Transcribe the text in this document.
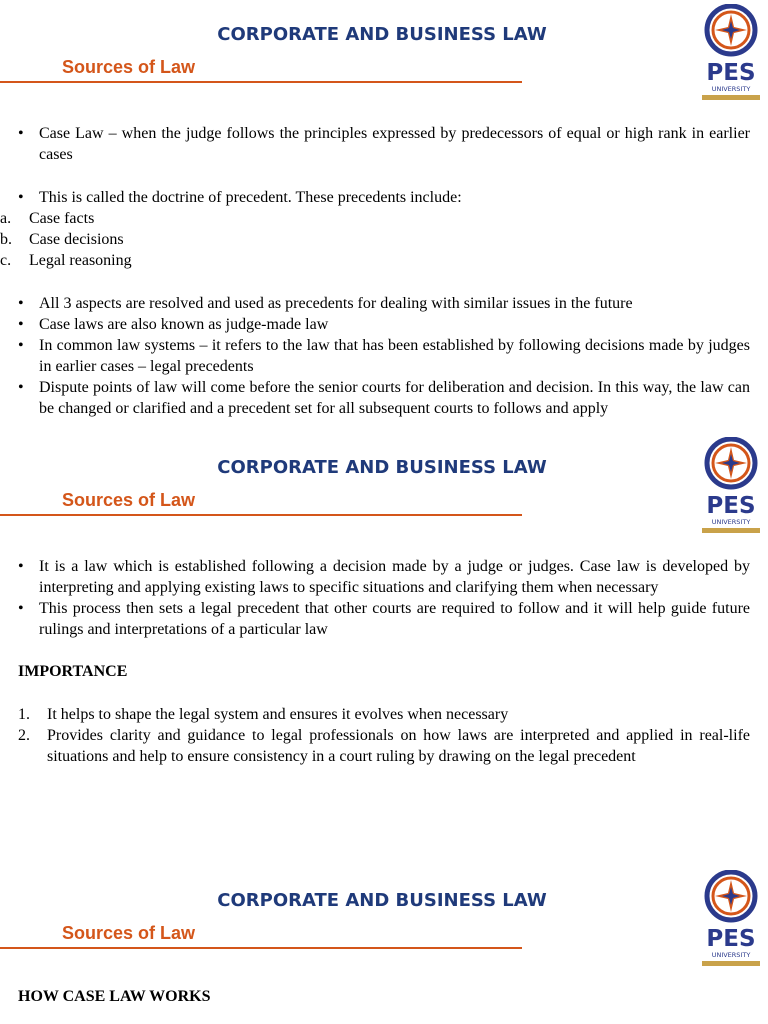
CORPORATE AND BUSINESS LAW
Sources of Law	PES
UNIVERSITY
• Case Law – when the judge follows the principles expressed by predecessors of equal or high rank in earlier cases
• This is called the doctrine of precedent. These precedents include:
a. Case facts
b. Case decisions
c. Legal reasoning
• All 3 aspects are resolved and used as precedents for dealing with similar issues in the future
• Case laws are also known as judge-made law
• In common law systems – it refers to the law that has been established by following decisions made by judges in earlier cases – legal precedents
• Dispute points of law will come before the senior courts for deliberation and decision. In this way, the law can be changed or clarified and a precedent set for all subsequent courts to follows and apply
CORPORATE AND BUSINESS LAW
Sources of Law	PES
UNIVERSITY
• It is a law which is established following a decision made by a judge or judges. Case law is developed by interpreting and applying existing laws to specific situations and clarifying them when necessary
• This process then sets a legal precedent that other courts are required to follow and it will help guide future rulings and interpretations of a particular law
IMPORTANCE
1. It helps to shape the legal system and ensures it evolves when necessary
2. Provides clarity and guidance to legal professionals on how laws are interpreted and applied in real-life situations and help to ensure consistency in a court ruling by drawing on the legal precedent
CORPORATE AND BUSINESS LAW
Sources of Law	PES
UNIVERSITY
HOW CASE LAW WORKS
